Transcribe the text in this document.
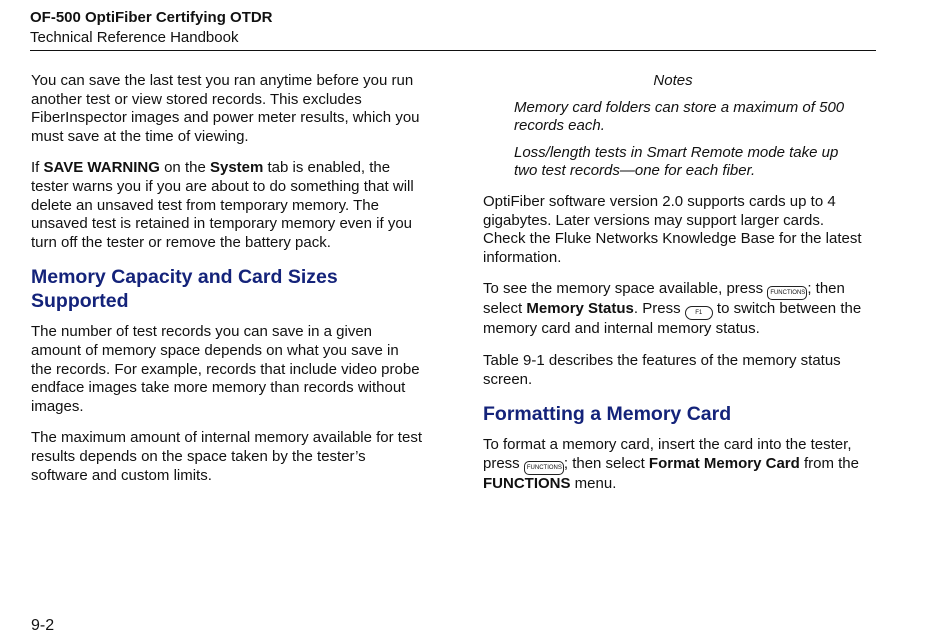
OF-500 OptiFiber Certifying OTDR
Technical Reference Handbook

You can save the last test you ran anytime before you run another test or view stored records. This excludes FiberInspector images and power meter results, which you must save at the time of viewing.

If SAVE WARNING on the System tab is enabled, the tester warns you if you are about to do something that will delete an unsaved test from temporary memory. The unsaved test is retained in temporary memory even if you turn off the tester or remove the battery pack.

Memory Capacity and Card Sizes Supported

The number of test records you can save in a given amount of memory space depends on what you save in the records. For example, records that include video probe endface images take more memory than records without images.

The maximum amount of internal memory available for test results depends on the space taken by the tester’s software and custom limits.

Notes
Memory card folders can store a maximum of 500 records each.
Loss/length tests in Smart Remote mode take up two test records—one for each fiber.

OptiFiber software version 2.0 supports cards up to 4 gigabytes. Later versions may support larger cards. Check the Fluke Networks Knowledge Base for the latest information.

To see the memory space available, press FUNCTIONS ; then select Memory Status. Press F1 to switch between the memory card and internal memory status.

Table 9-1 describes the features of the memory status screen.

Formatting a Memory Card

To format a memory card, insert the card into the tester, press FUNCTIONS ; then select Format Memory Card from the FUNCTIONS menu.

9-2
